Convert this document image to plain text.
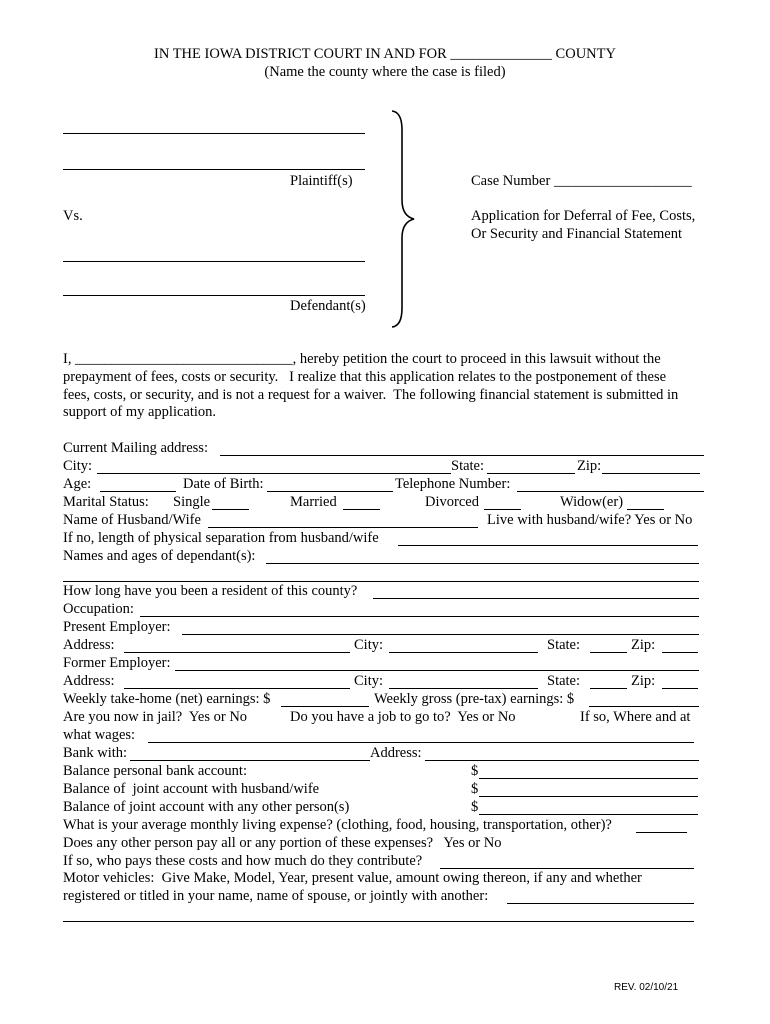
IN THE IOWA DISTRICT COURT IN AND FOR ______________ COUNTY
(Name the county where the case is filed)
Plaintiff(s)
Vs.
Defendant(s)
Case Number ___________________
Application for Deferral of Fee, Costs,
Or Security and Financial Statement
I, ______________________________, hereby petition the court to proceed in this lawsuit without the
prepayment of fees, costs or security.   I realize that this application relates to the postponement of these
fees, costs, or security, and is not a request for a waiver.  The following financial statement is submitted in
support of my application.
Current Mailing address:
City:	State:	Zip:
Age:	Date of Birth:	Telephone Number:
Marital Status: Single	Married	Divorced	Widow(er)
Name of Husband/Wife	Live with husband/wife? Yes or No
If no, length of physical separation from husband/wife
Names and ages of dependant(s):
How long have you been a resident of this county?
Occupation:
Present Employer:
Address:	City:	State:	Zip:
Former Employer:
Address:	City:	State:	Zip:
Weekly take-home (net) earnings: $	Weekly gross (pre-tax) earnings: $
Are you now in jail?  Yes or No	Do you have a job to go to?  Yes or No	If so, Where and at
what wages:
Bank with:	Address:
Balance personal bank account:	$
Balance of  joint account with husband/wife	$
Balance of joint account with any other person(s)	$
What is your average monthly living expense? (clothing, food, housing, transportation, other)?
Does any other person pay all or any portion of these expenses?   Yes or No
If so, who pays these costs and how much do they contribute?
Motor vehicles:  Give Make, Model, Year, present value, amount owing thereon, if any and whether
registered or titled in your name, name of spouse, or jointly with another:
REV. 02/10/21
